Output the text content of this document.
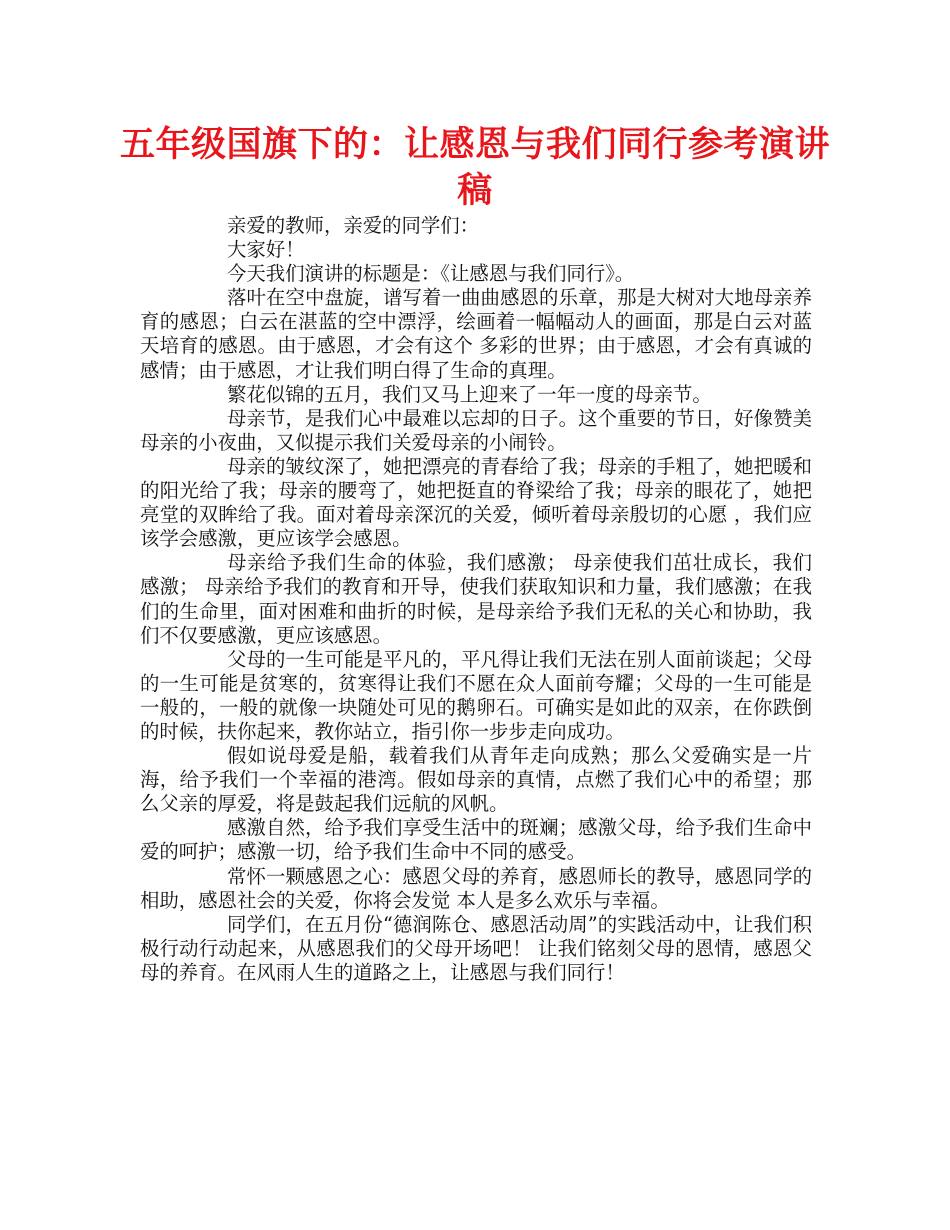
五年级国旗下的：让感恩与我们同行参考演讲稿

亲爱的教师，亲爱的同学们：

大家好！

今天我们演讲的标题是：《让感恩与我们同行》。

落叶在空中盘旋，谱写着一曲曲感恩的乐章，那是大树对大地母亲养育的感恩；白云在湛蓝的空中漂浮，绘画着一幅幅动人的画面，那是白云对蓝天培育的感恩。由于感恩，才会有这个 多彩的世界；由于感恩，才会有真诚的感情；由于感恩，才让我们明白得了生命的真理。

繁花似锦的五月，我们又马上迎来了一年一度的母亲节。

母亲节，是我们心中最难以忘却的日子。这个重要的节日，好像赞美母亲的小夜曲，又似提示我们关爱母亲的小闹铃。

母亲的皱纹深了，她把漂亮的青春给了我；母亲的手粗了，她把暖和的阳光给了我；母亲的腰弯了，她把挺直的脊梁给了我；母亲的眼花了，她把亮堂的双眸给了我。面对着母亲深沉的关爱，倾听着母亲殷切的心愿 ，我们应该学会感激，更应该学会感恩。

母亲给予我们生命的体验，我们感激； 母亲使我们茁壮成长，我们感激； 母亲给予我们的教育和开导，使我们获取知识和力量，我们感激；在我们的生命里，面对困难和曲折的时候，是母亲给予我们无私的关心和协助，我们不仅要感激，更应该感恩。

父母的一生可能是平凡的，平凡得让我们无法在别人面前谈起；父母的一生可能是贫寒的，贫寒得让我们不愿在众人面前夸耀；父母的一生可能是一般的，一般的就像一块随处可见的鹅卵石。可确实是如此的双亲，在你跌倒的时候，扶你起来，教你站立，指引你一步步走向成功。

假如说母爱是船，载着我们从青年走向成熟；那么父爱确实是一片海，给予我们一个幸福的港湾。假如母亲的真情，点燃了我们心中的希望；那么父亲的厚爱，将是鼓起我们远航的风帆。

感激自然，给予我们享受生活中的斑斓；感激父母，给予我们生命中爱的呵护；感激一切，给予我们生命中不同的感受。

常怀一颗感恩之心：感恩父母的养育，感恩师长的教导，感恩同学的相助，感恩社会的关爱，你将会发觉 本人是多么欢乐与幸福。

同学们，在五月份“德润陈仓、感恩活动周”的实践活动中，让我们积极行动行动起来，从感恩我们的父母开场吧！ 让我们铭刻父母的恩情，感恩父母的养育。在风雨人生的道路之上，让感恩与我们同行！
